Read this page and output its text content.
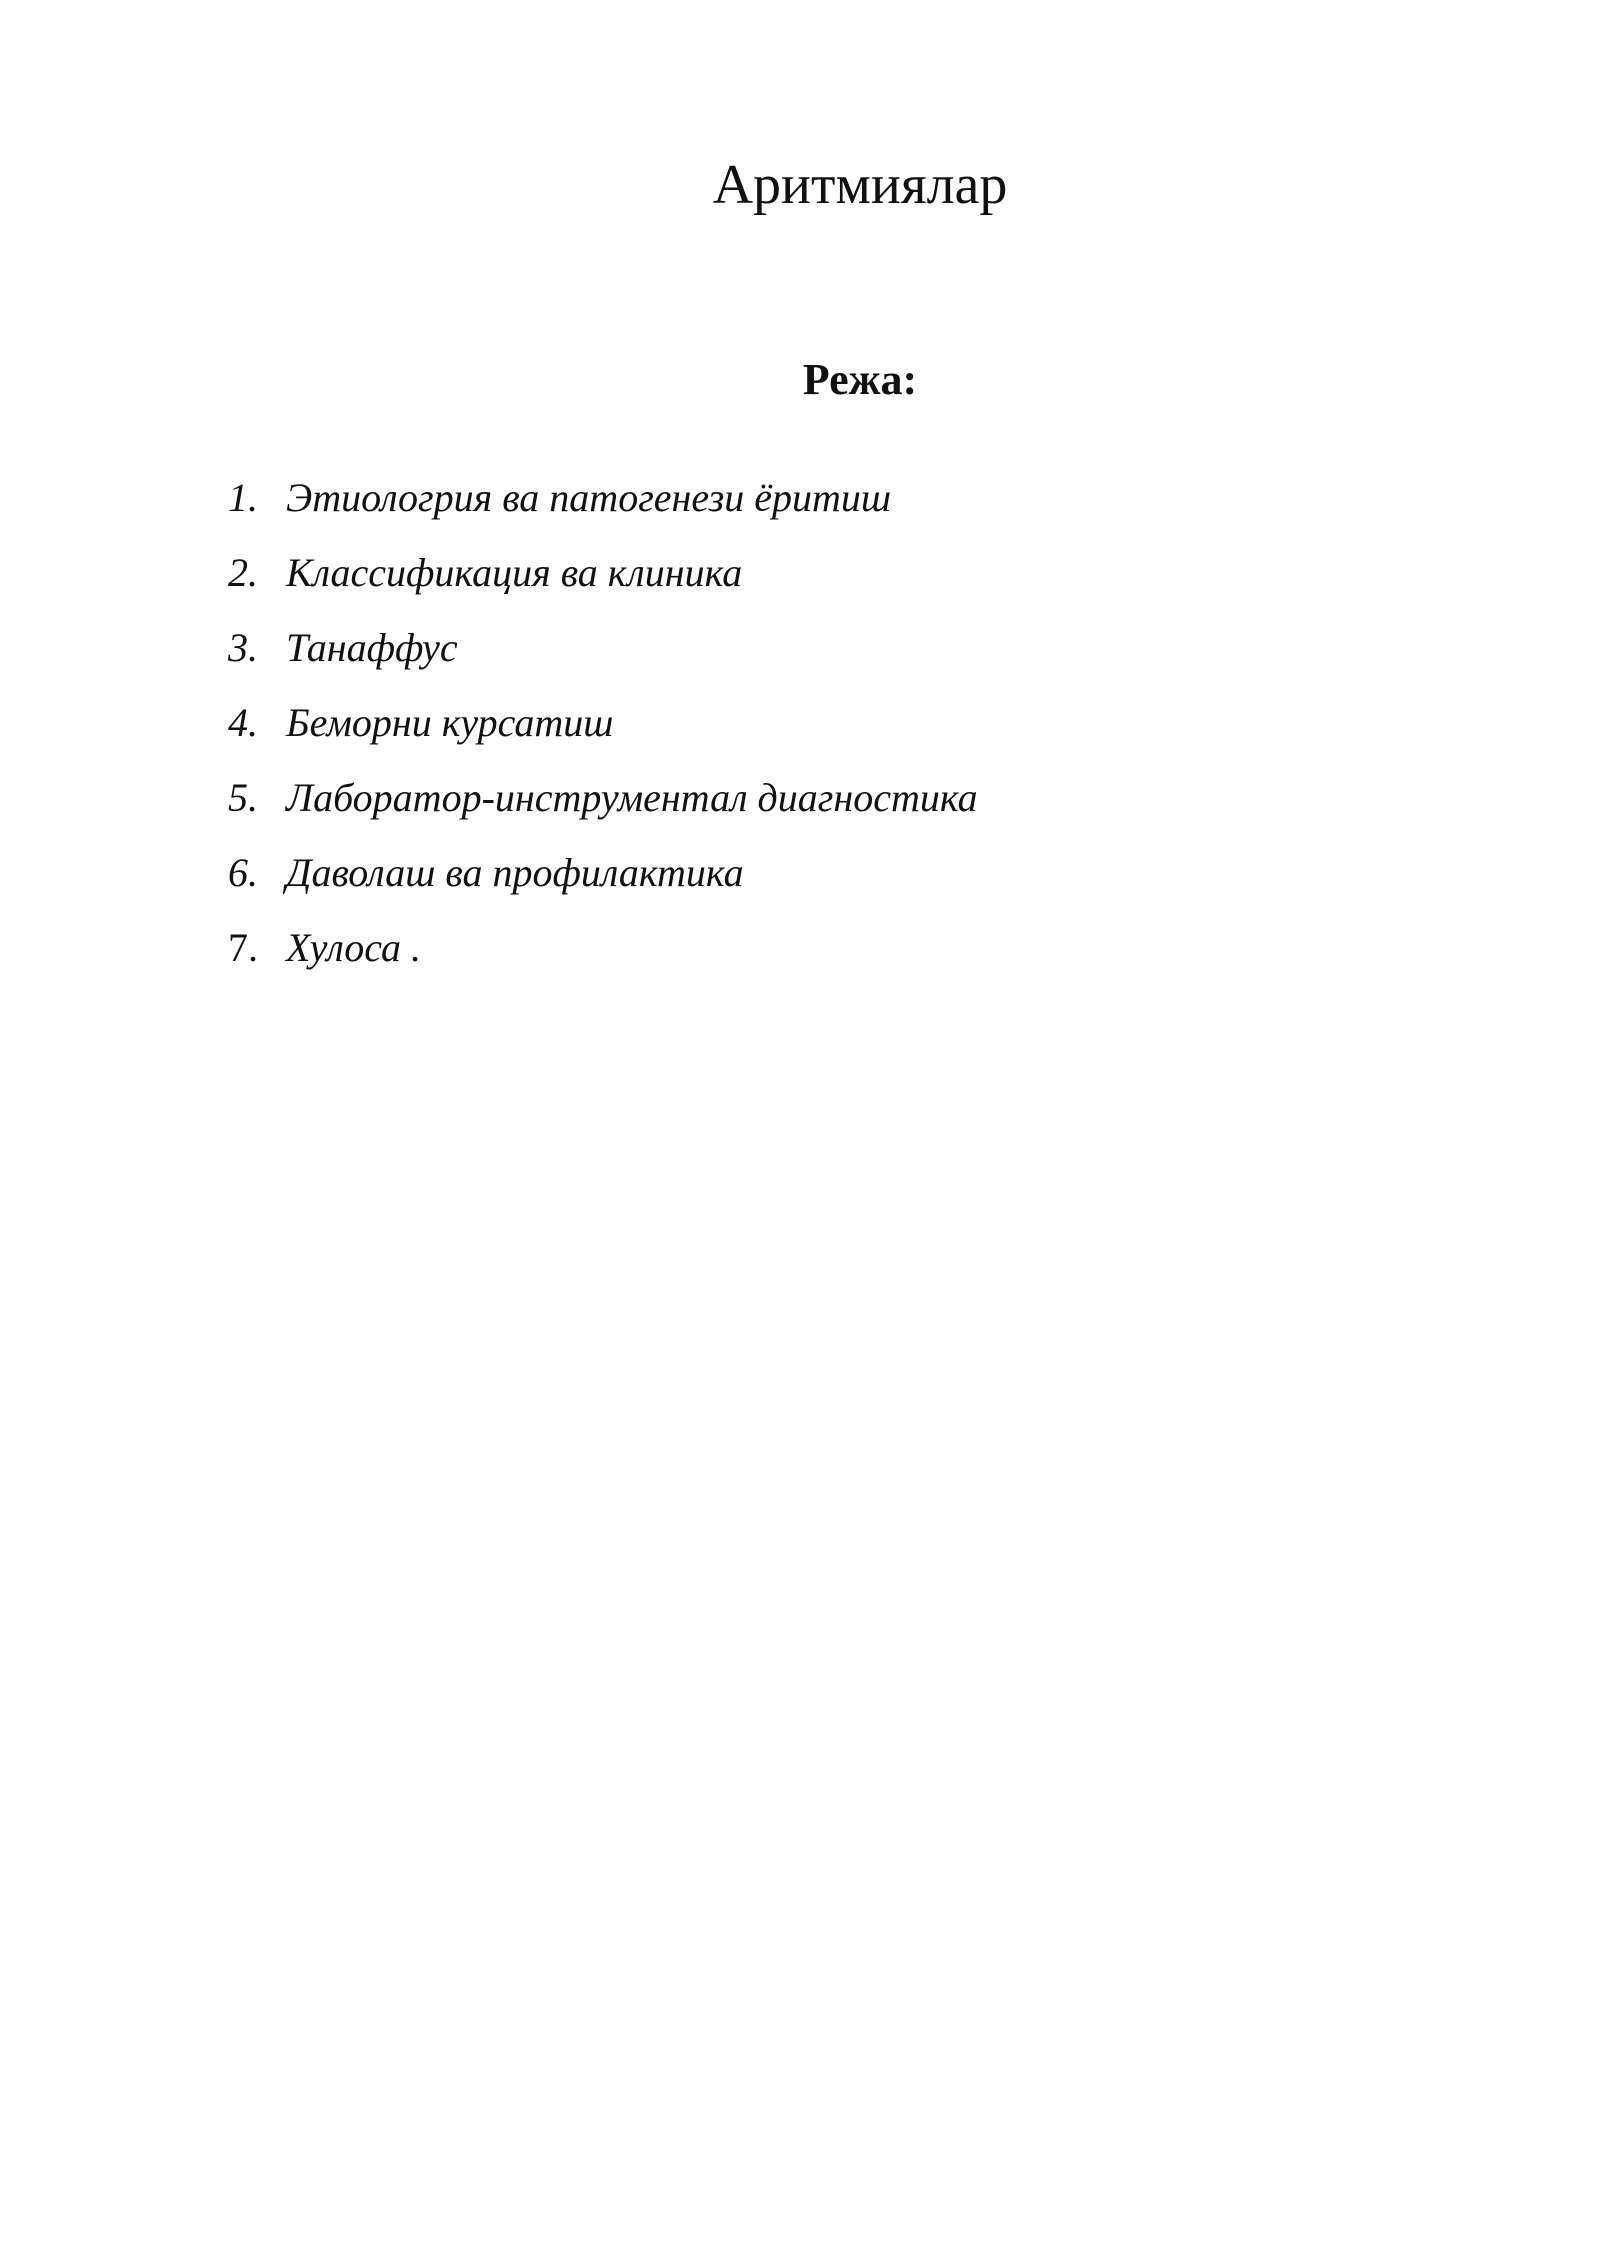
Аритмиялар
Режа:
1. Этиологрия ва патогенези ёритиш
2. Классификация ва клиника
3. Танаффус
4. Беморни курсатиш
5. Лаборатор-инструментал диагностика
6. Даволаш ва профилактика
7. Хулоса .
